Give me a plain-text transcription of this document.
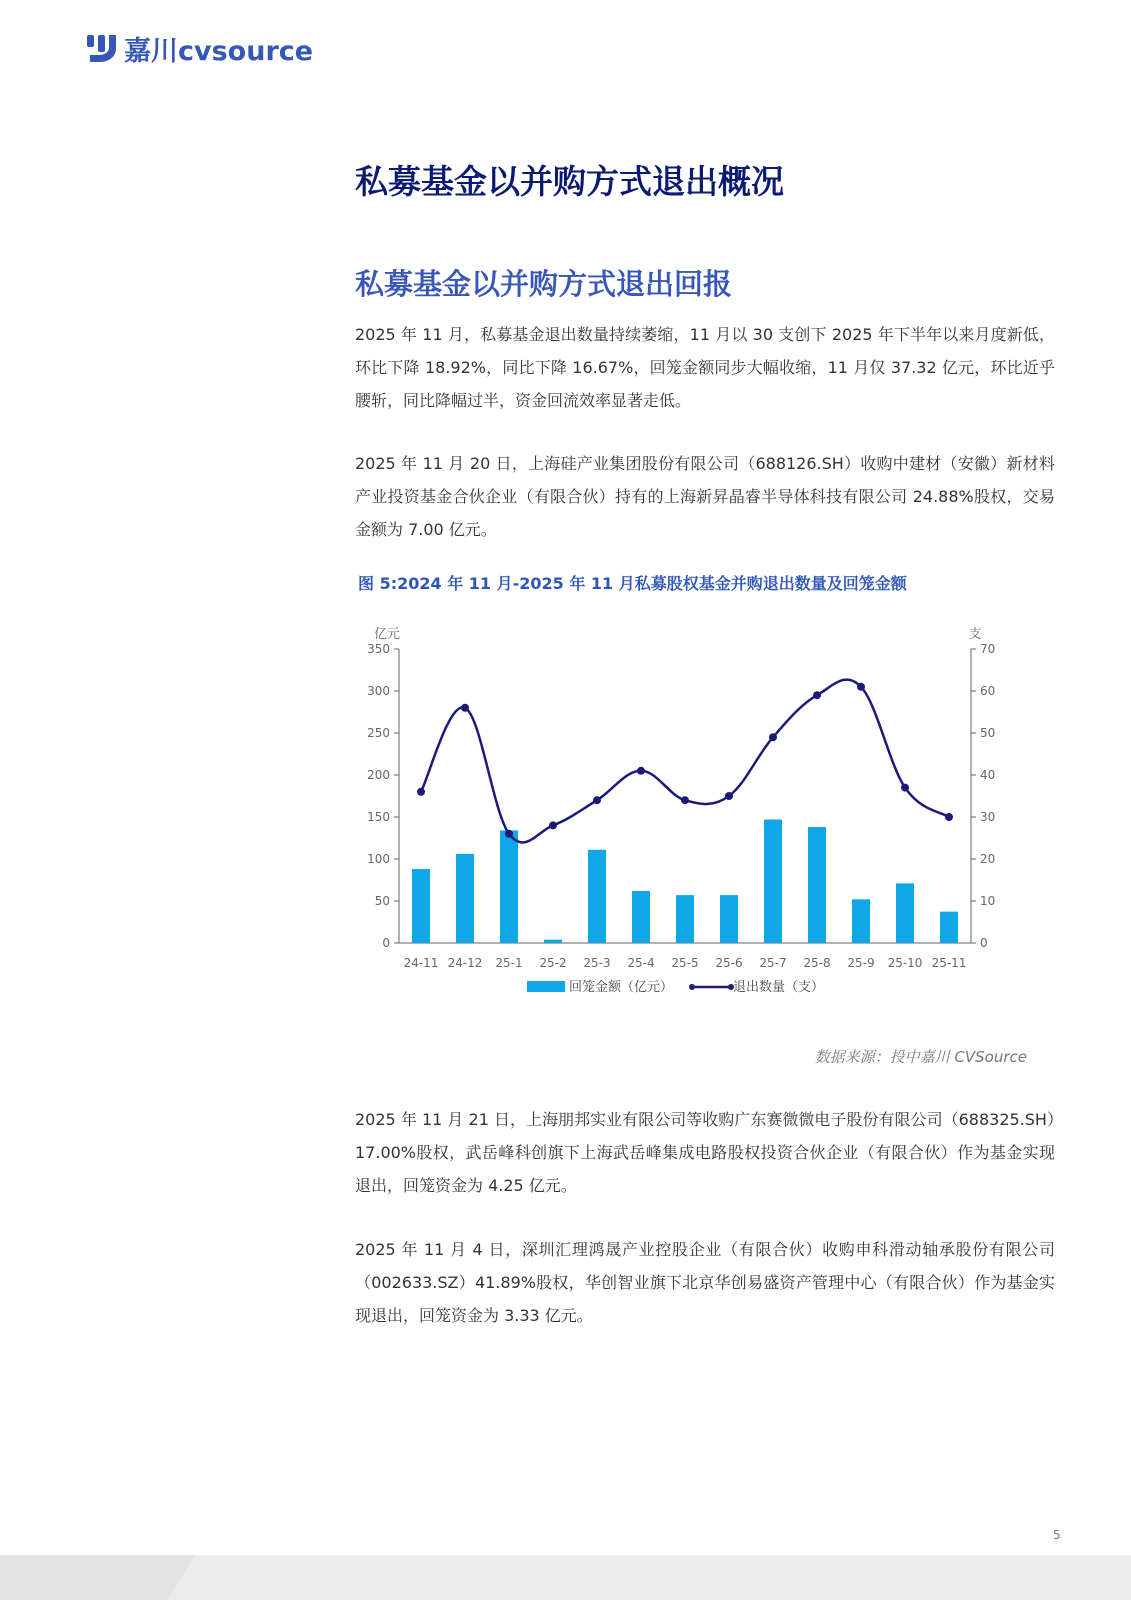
嘉川cvsource
私募基金以并购方式退出概况
私募基金以并购方式退出回报

2025 年 11 月，私募基金退出数量持续萎缩，11 月以 30 支创下 2025 年下半年以来月度新低，环比下降 18.92%，同比下降 16.67%，回笼金额同步大幅收缩，11 月仅 37.32 亿元，环比近乎腰斩，同比降幅过半，资金回流效率显著走低。

2025 年 11 月 20 日，上海硅产业集团股份有限公司（688126.SH）收购中建材（安徽）新材料产业投资基金合伙企业（有限合伙）持有的上海新昇晶睿半导体科技有限公司 24.88%股权，交易金额为 7.00 亿元。

图 5:2024 年 11 月-2025 年 11 月私募股权基金并购退出数量及回笼金额

亿元	支
0
50
100
150
200
250
300
350
0
10
20
30
40
50
60
70
24-11 24-12 25-1 25-2 25-3 25-4 25-5 25-6 25-7 25-8 25-9 25-10 25-11
回笼金额（亿元）	退出数量（支）

数据来源：投中嘉川 CVSource

2025 年 11 月 21 日，上海朋邦实业有限公司等收购广东赛微微电子股份有限公司（688325.SH）17.00%股权，武岳峰科创旗下上海武岳峰集成电路股权投资合伙企业（有限合伙）作为基金实现退出，回笼资金为 4.25 亿元。

2025 年 11 月 4 日，深圳汇理鸿晟产业控股企业（有限合伙）收购申科滑动轴承股份有限公司（002633.SZ）41.89%股权，华创智业旗下北京华创易盛资产管理中心（有限合伙）作为基金实现退出，回笼资金为 3.33 亿元。

5
